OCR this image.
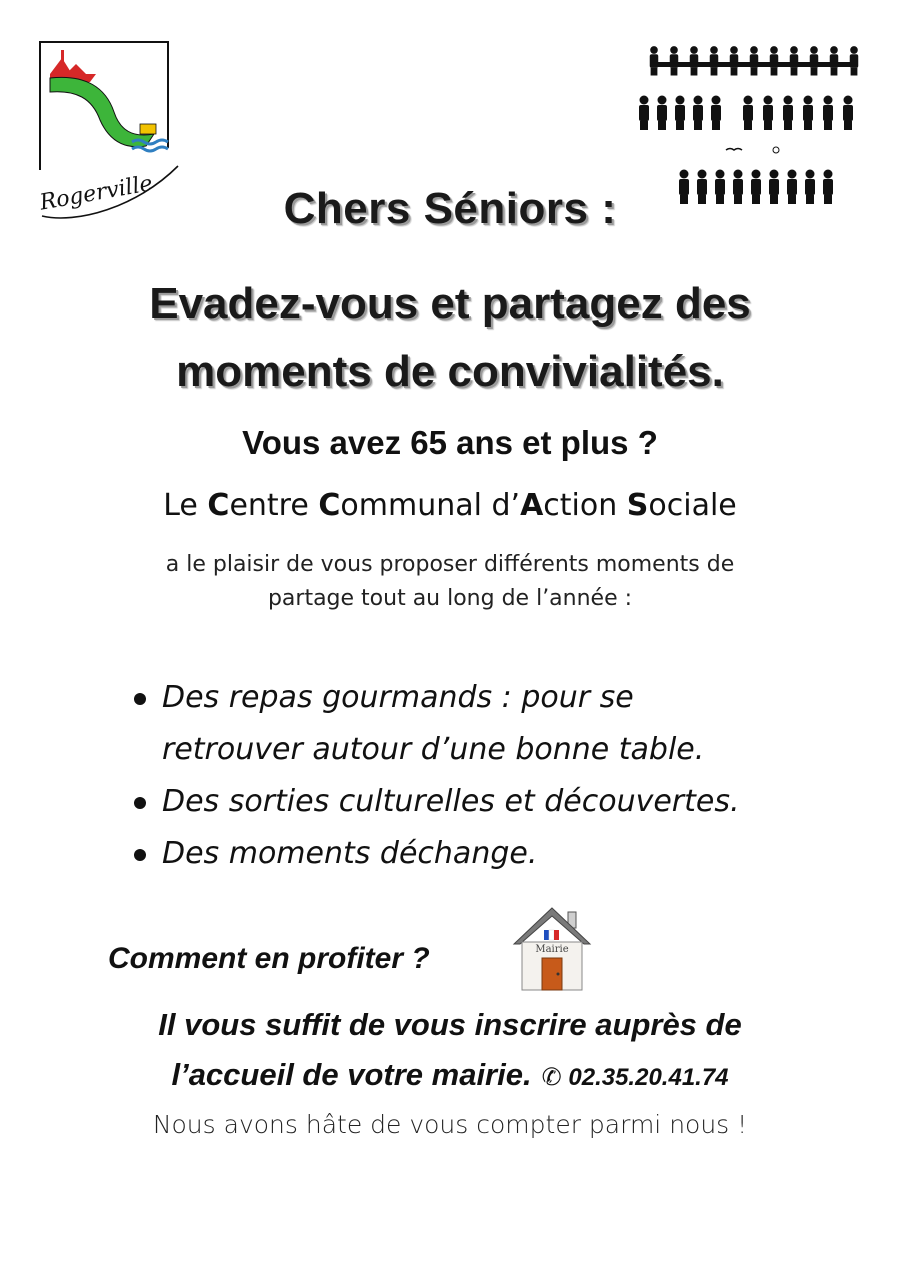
Rogerville	Chers Séniors :
Evadez-vous et partagez des
moments de convivialités.
Vous avez 65 ans et plus ?
Le Centre Communal d’Action Sociale
a le plaisir de vous proposer différents moments de
partage tout au long de l’année :
Des repas gourmands : pour se
retrouver autour d’une bonne table.
Des sorties culturelles et découvertes.
Des moments déchange.
Comment en profiter ?	Mairie
Il vous suffit de vous inscrire auprès de
l’accueil de votre mairie. ✆ 02.35.20.41.74
Nous avons hâte de vous compter parmi nous !
